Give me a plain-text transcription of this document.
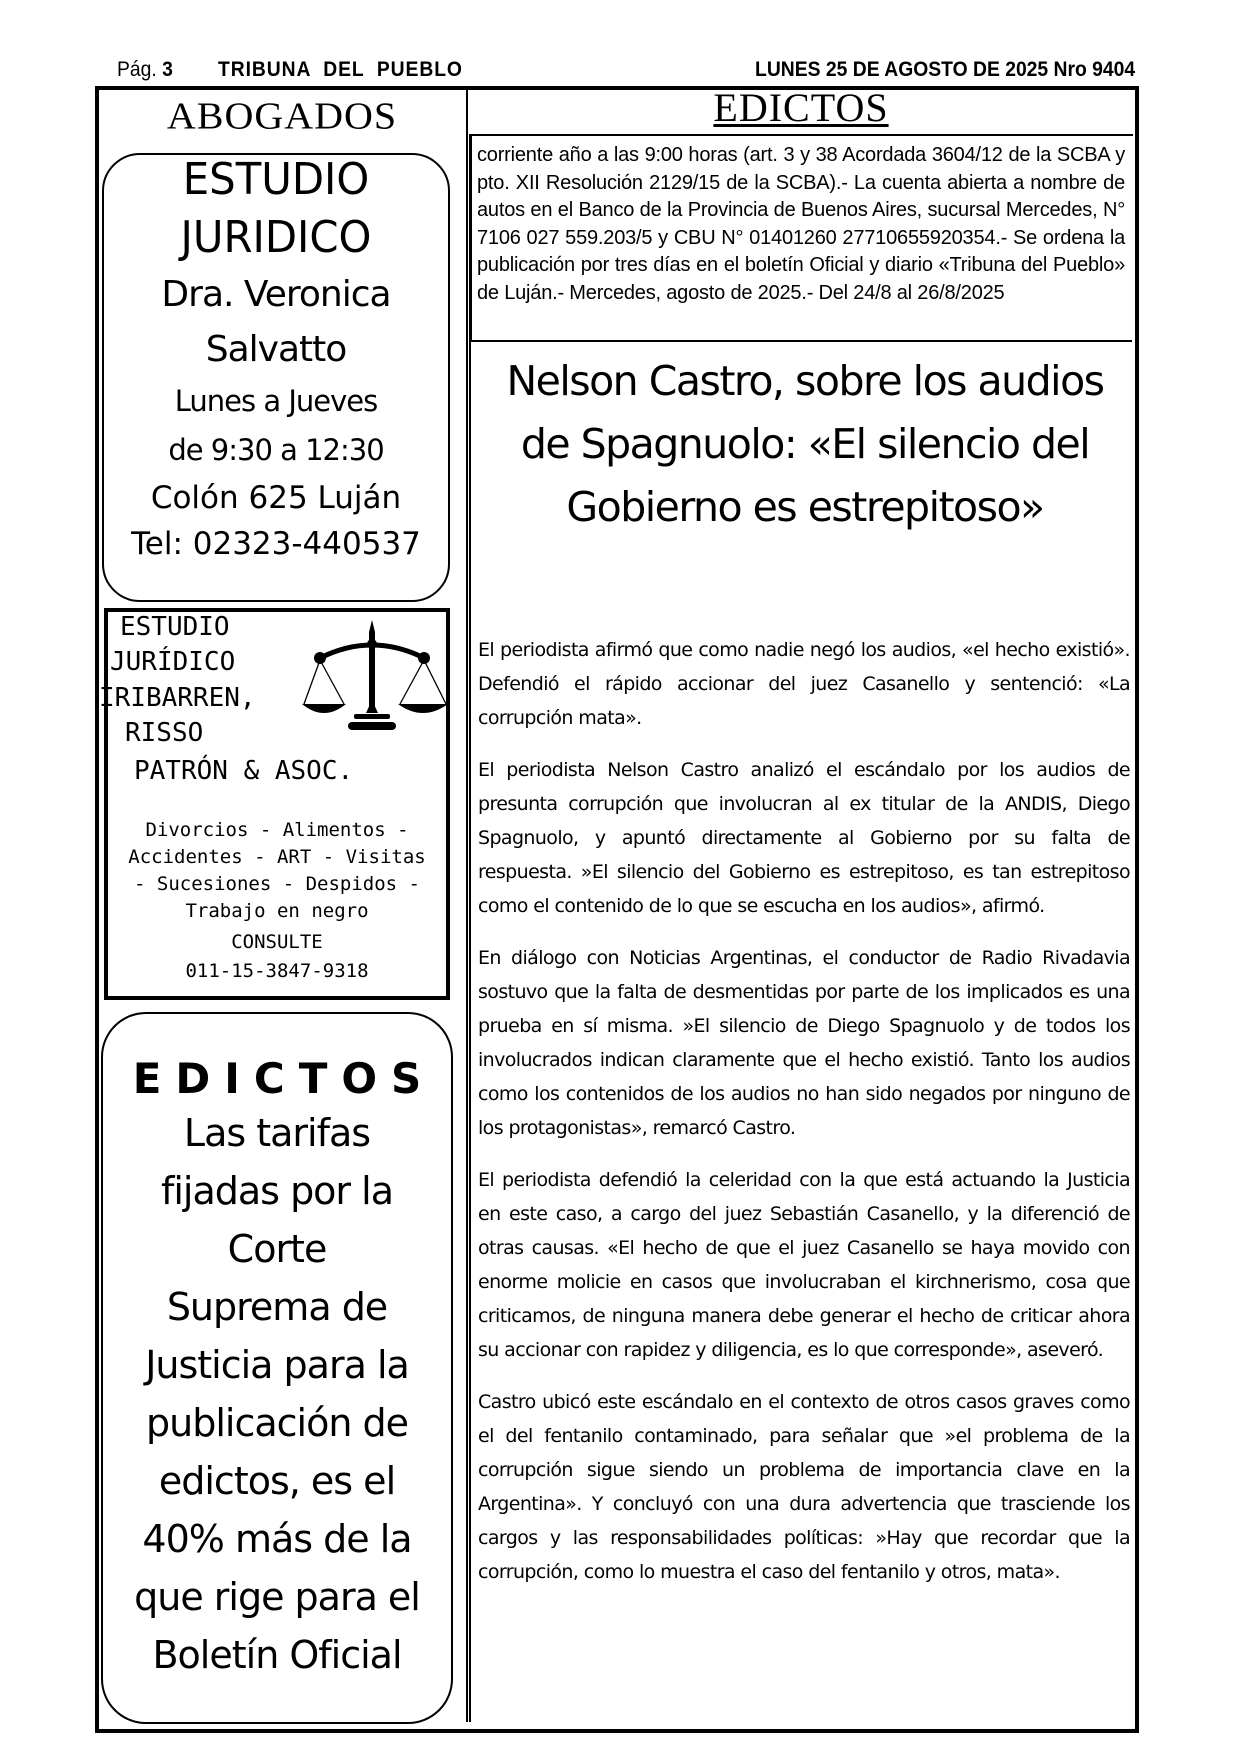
Pág. 3 TRIBUNA  DEL  PUEBLO	LUNES 25 DE AGOSTO DE 2025 Nro 9404
ABOGADOS
ESTUDIO
JURIDICO
Dra. Veronica
Salvatto
Lunes a Jueves
de 9:30 a 12:30
Colón 625 Luján
Tel: 02323-440537
ESTUDIO
JURÍDICO
IRIBARREN,
RISSO
PATRÓN & ASOC.
Divorcios - Alimentos -
Accidentes - ART - Visitas
- Sucesiones - Despidos -
Trabajo en negro
CONSULTE
011-15-3847-9318
EDICTOS
Las tarifas
fijadas por la
Corte
Suprema de
Justicia para la
publicación de
edictos, es el
40% más de la
que rige para el
Boletín Oficial
EDICTOS
corriente año a las 9:00 horas (art. 3 y 38 Acordada 3604/12 de la SCBA y pto. XII Resolución 2129/15 de la SCBA).- La cuenta abierta a nombre de autos en el Banco de la Provincia de Buenos Aires, sucursal Mercedes, N° 7106 027 559.203/5 y CBU N° 01401260 27710655920354.- Se ordena la publicación por tres días en el boletín Oficial y diario «Tribuna del Pueblo» de Luján.- Mercedes, agosto de 2025.- Del 24/8 al 26/8/2025
Nelson Castro, sobre los audios de Spagnuolo: «El silencio del Gobierno es estrepitoso»

El periodista afirmó que como nadie negó los audios, «el hecho existió». Defendió el rápido accionar del juez Casanello y sentenció: «La corrupción mata».

El periodista Nelson Castro analizó el escándalo por los audios de presunta corrupción que involucran al ex titular de la ANDIS, Diego Spagnuolo, y apuntó directamente al Gobierno por su falta de respuesta. »El silencio del Gobierno es estrepitoso, es tan estrepitoso como el contenido de lo que se escucha en los audios», afirmó.

En diálogo con Noticias Argentinas, el conductor de Radio Rivadavia sostuvo que la falta de desmentidas por parte de los implicados es una prueba en sí misma. »El silencio de Diego Spagnuolo y de todos los involucrados indican claramente que el hecho existió. Tanto los audios como los contenidos de los audios no han sido negados por ninguno de los protagonistas», remarcó Castro.

El periodista defendió la celeridad con la que está actuando la Justicia en este caso, a cargo del juez Sebastián Casanello, y la diferenció de otras causas. «El hecho de que el juez Casanello se haya movido con enorme molicie en casos que involucraban el kirchnerismo, cosa que criticamos, de ninguna manera debe generar el hecho de criticar ahora su accionar con rapidez y diligencia, es lo que corresponde», aseveró.

Castro ubicó este escándalo en el contexto de otros casos graves como el del fentanilo contaminado, para señalar que »el problema de la corrupción sigue siendo un problema de importancia clave en la Argentina». Y concluyó con una dura advertencia que trasciende los cargos y las responsabilidades políticas: »Hay que recordar que la corrupción, como lo muestra el caso del fentanilo y otros, mata».
